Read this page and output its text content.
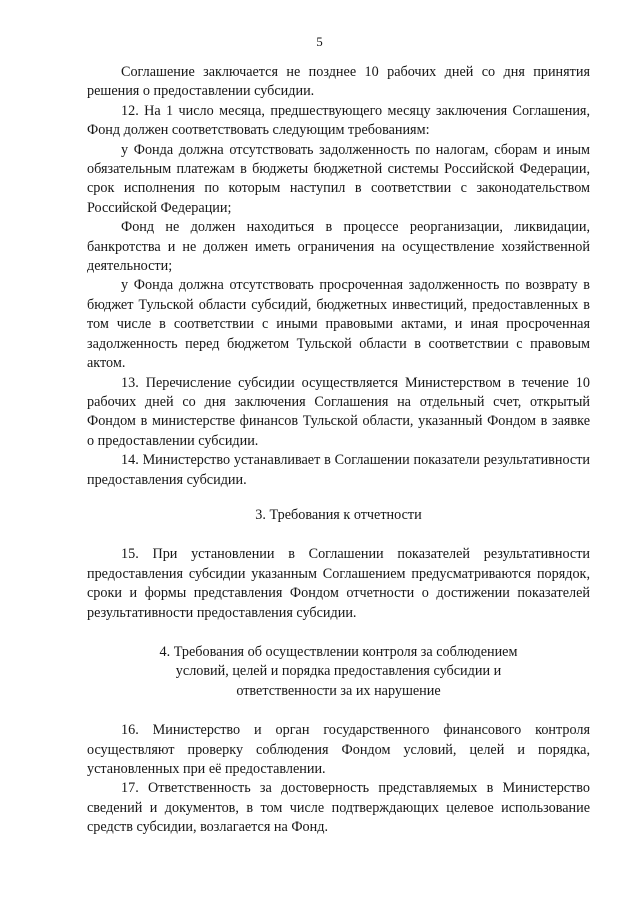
5

Соглашение заключается не позднее 10 рабочих дней со дня принятия решения о предоставлении субсидии.

12. На 1 число месяца, предшествующего месяцу заключения Соглашения, Фонд должен соответствовать следующим требованиям:

у Фонда должна отсутствовать задолженность по налогам, сборам и иным обязательным платежам в бюджеты бюджетной системы Российской Федерации, срок исполнения по которым наступил в соответствии с законодательством Российской Федерации;

Фонд не должен находиться в процессе реорганизации, ликвидации, банкротства и не должен иметь ограничения на осуществление хозяйственной деятельности;

у Фонда должна отсутствовать просроченная задолженность по возврату в бюджет Тульской области субсидий, бюджетных инвестиций, предоставленных в том числе в соответствии с иными правовыми актами, и иная просроченная задолженность перед бюджетом Тульской области в соответствии с правовым актом.

13. Перечисление субсидии осуществляется Министерством в течение 10 рабочих дней со дня заключения Соглашения на отдельный счет, открытый Фондом в министерстве финансов Тульской области, указанный Фондом в заявке о предоставлении субсидии.

14. Министерство устанавливает в Соглашении показатели результативности предоставления субсидии.

3. Требования к отчетности

15. При установлении в Соглашении показателей результативности предоставления субсидии указанным Соглашением предусматриваются порядок, сроки и формы представления Фондом отчетности о достижении показателей результативности предоставления субсидии.

4. Требования об осуществлении контроля за соблюдением
условий, целей и порядка предоставления субсидии и
ответственности за их нарушение

16. Министерство и орган государственного финансового контроля осуществляют проверку соблюдения Фондом условий, целей и порядка, установленных при её предоставлении.

17. Ответственность за достоверность представляемых в Министерство сведений и документов, в том числе подтверждающих целевое использование средств субсидии, возлагается на Фонд.
